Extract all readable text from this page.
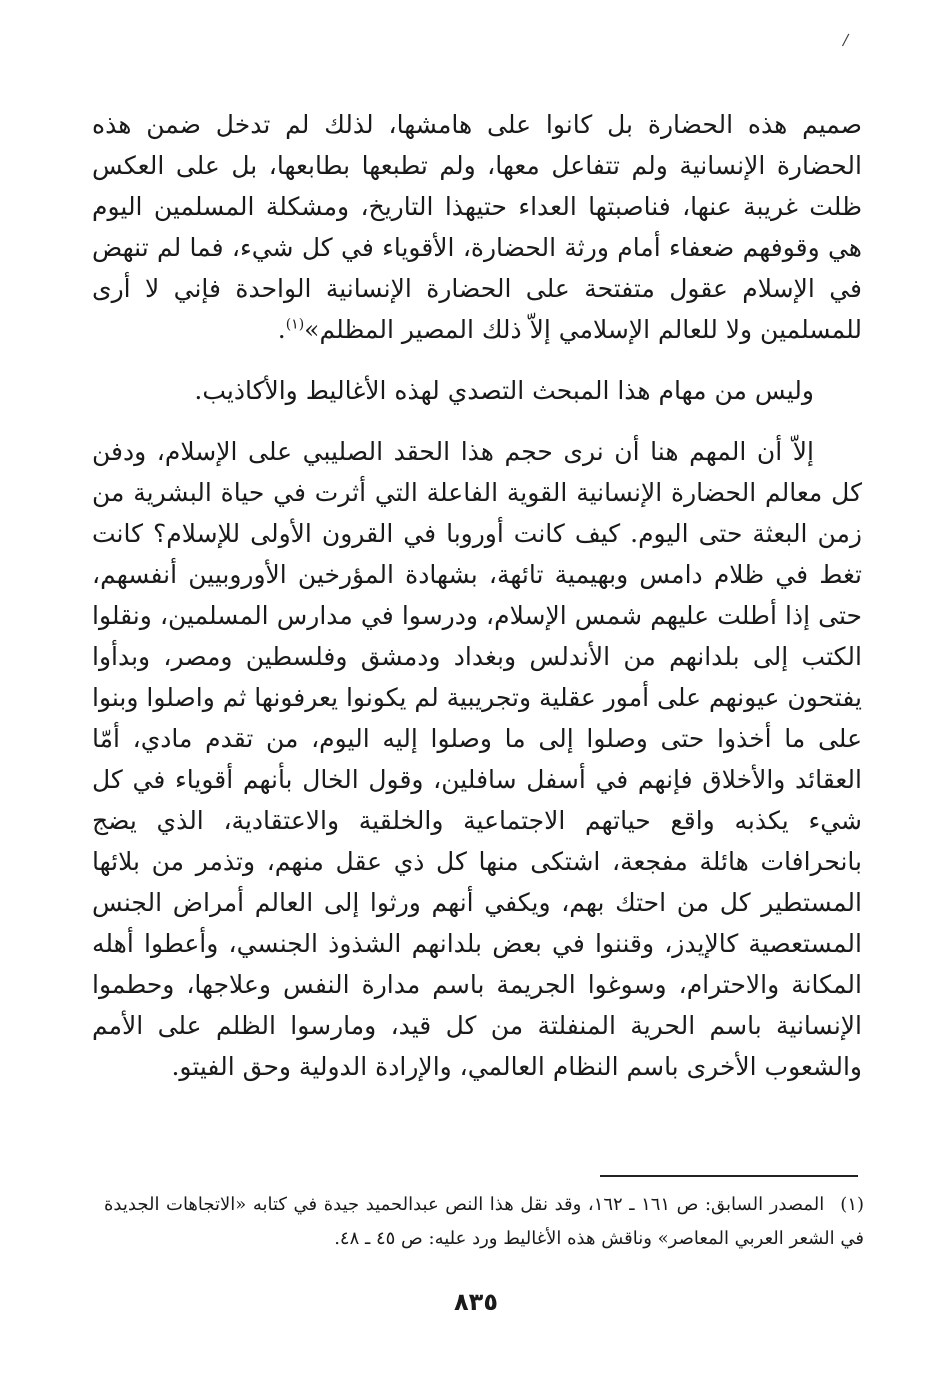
/

صميم هذه الحضارة بل كانوا على هامشها، لذلك لم تدخل ضمن هذه الحضارة الإنسانية ولم تتفاعل معها، ولم تطبعها بطابعها، بل على العكس ظلت غريبة عنها، فناصبتها العداء حتيهذا التاريخ، ومشكلة المسلمين اليوم هي وقوفهم ضعفاء أمام ورثة الحضارة، الأقوياء في كل شيء، فما لم تنهض في الإسلام عقول متفتحة على الحضارة الإنسانية الواحدة فإني لا أرى للمسلمين ولا للعالم الإسلامي إلاّ ذلك المصير المظلم»$^{(١)}$.

وليس من مهام هذا المبحث التصدي لهذه الأغاليط والأكاذيب.

إلاّ أن المهم هنا أن نرى حجم هذا الحقد الصليبي على الإسلام، ودفن كل معالم الحضارة الإنسانية القوية الفاعلة التي أثرت في حياة البشرية من زمن البعثة حتى اليوم. كيف كانت أوروبا في القرون الأولى للإسلام؟ كانت تغط في ظلام دامس وبهيمية تائهة، بشهادة المؤرخين الأوروبيين أنفسهم، حتى إذا أطلت عليهم شمس الإسلام، ودرسوا في مدارس المسلمين، ونقلوا الكتب إلى بلدانهم من الأندلس وبغداد ودمشق وفلسطين ومصر، وبدأوا يفتحون عيونهم على أمور عقلية وتجريبية لم يكونوا يعرفونها ثم واصلوا وبنوا على ما أخذوا حتى وصلوا إلى ما وصلوا إليه اليوم، من تقدم مادي، أمّا العقائد والأخلاق فإنهم في أسفل سافلين، وقول الخال بأنهم أقوياء في كل شيء يكذبه واقع حياتهم الاجتماعية والخلقية والاعتقادية، الذي يضج بانحرافات هائلة مفجعة، اشتكى منها كل ذي عقل منهم، وتذمر من بلائها المستطير كل من احتك بهم، ويكفي أنهم ورثوا إلى العالم أمراض الجنس المستعصية كالإيدز، وقننوا في بعض بلدانهم الشذوذ الجنسي، وأعطوا أهله المكانة والاحترام، وسوغوا الجريمة باسم مدارة النفس وعلاجها، وحطموا الإنسانية باسم الحرية المنفلتة من كل قيد، ومارسوا الظلم على الأمم والشعوب الأخرى باسم النظام العالمي، والإرادة الدولية وحق الفيتو.

(١)المصدر السابق: ص ١٦١ ـ ١٦٢، وقد نقل هذا النص عبدالحميد جيدة في كتابه «الاتجاهات الجديدة في الشعر العربي المعاصر» وناقش هذه الأغاليط ورد عليه: ص ٤٥ ـ ٤٨.
٨٣٥
